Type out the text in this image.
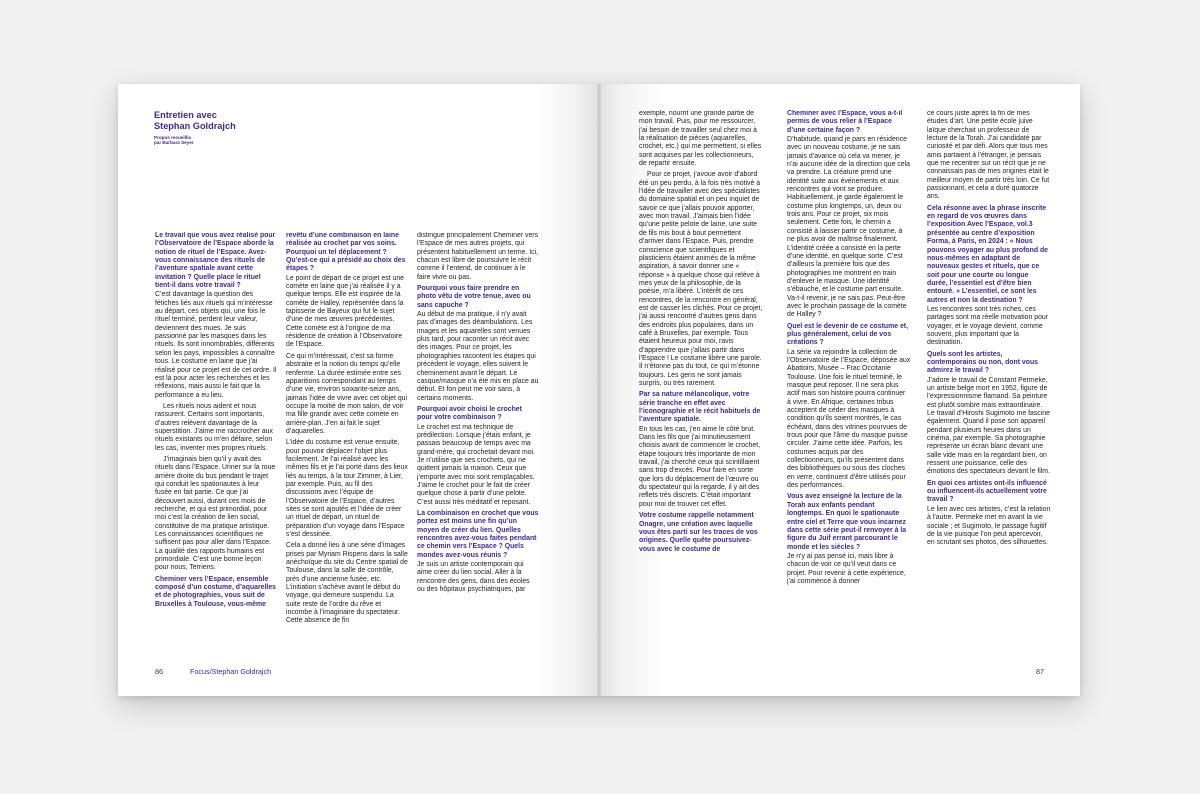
Entretien avec
Stephan Goldrajch
Propos recueillis
par Barbara Seyer

Le travail que vous avez réalisé pour l’Observatoire de l’Espace aborde la notion de rituel de l’Espace. Avez-vous connaissance des rituels de l’aventure spatiale avant cette invitation ? Quelle place le rituel tient-il dans votre travail ?

C’est davantage la question des fétiches liés aux rituels qui m’intéresse au départ, ces objets qui, une fois le rituel terminé, perdent leur valeur, deviennent des mues. Je suis passionné par les masques dans les rituels. Ils sont innombrables, différents selon les pays, impossibles à connaître tous. Le costume en laine que j’ai réalisé pour ce projet est de cet ordre. Il est là pour acter les recherches et les réflexions, mais aussi le fait que la performance a eu lieu.

Les rituels nous aident et nous rassurent. Certains sont importants, d’autres relèvent davantage de la superstition. J’aime me raccrocher aux rituels existants ou m’en défaire, selon les cas, inventer mes propres rituels.

J’imaginais bien qu’il y avait des rituels dans l’Espace. Uriner sur la roue arrière droite du bus pendant le trajet qui conduit les spationautes à leur fusée en fait partie. Ce que j’ai découvert aussi, durant ces mois de recherche, et qui est primordial, pour moi c’est la création de lien social, constitutive de ma pratique artistique. Les connaissances scientifiques ne suffisent pas pour aller dans l’Espace. La qualité des rapports humains est primordiale. C’est une bonne leçon pour nous, Terriens.

Cheminer vers l’Espace, ensemble composé d’un costume, d’aquarelles et de photographies, vous suit de Bruxelles à Toulouse, vous-même

revêtu d’une combinaison en laine réalisée au crochet par vos soins. Pourquoi un tel déplacement ? Qu’est-ce qui a présidé au choix des étapes ?

Le point de départ de ce projet est une comète en laine que j’ai réalisée il y a quelque temps. Elle est inspirée de la comète de Halley, représentée dans la tapisserie de Bayeux qui fut le sujet d’une de mes œuvres précédentes. Cette comète est à l’origine de ma résidence de création à l’Observatoire de l’Espace.

Ce qui m’intéressait, c’est sa forme abstraite et la notion du temps qu’elle renferme. La durée estimée entre ses apparitions correspondant au temps d’une vie, environ soixante-seize ans, jaimais l’idée de vivre avec cet objet qui occupe la moitié de mon salon, de voir ma fille grandir avec cette comète en arrière-plan. J’en ai fait le sujet d’aquarelles.

L’idée du costume est venue ensuite, pour pouvoir déplacer l’objet plus facilement. Je l’ai réalisé avec les mêmes fils et je l’ai porté dans des lieux liés au temps, à la tour Zimmer, à Lier, par exemple. Puis, au fil des discussions avec l’équipe de l’Observatoire de l’Espace, d’autres sites se sont ajoutés et l’idée de créer un rituel de départ, un rituel de préparation d’un voyage dans l’Espace s’est dessinée.

Cela a donné lieu à une série d’images prises par Myriam Rispens dans la salle anéchoïque du site du Centre spatial de Toulouse, dans la salle de contrôle, près d’une ancienne fusée, etc. L’initiation s’achève avant le début du voyage, qui demeure suspendu. La suite reste de l’ordre du rêve et incombe à l’imaginaire du spectateur. Cette absence de fin

distingue principalement Cheminer vers l’Espace de mes autres projets, qui présentent habituellement un terme. Ici, chacun est libre de poursuivre le récit comme il l’entend, de continuer à le faire vivre ou pas.

Pourquoi vous faire prendre en photo vêtu de votre tenue, avec ou sans capuche ?

Au début de ma pratique, il n’y avait pas d’images des déambulations. Les images et les aquarelles sont venues plus tard, pour raconter un récit avec des images. Pour ce projet, les photographies racontent les étapes qui précèdent le voyage, elles suivent le cheminement avant le départ. Le casque/masque n’a été mis en place au début. Et fon peut me voir sans, à certains moments.

Pourquoi avoir choisi le crochet pour votre combinaison ?

Le crochet est ma technique de prédilection. Lorsque j’étais enfant, je passais beaucoup de temps avec ma grand-mère, qui crochetait devant moi. Je n’utilise que ses crochets, qui ne quittent jamais la maison. Ceux que j’emporte avec moi sont remplaçables. J’aime le crochet pour le fait de créer quelque chose à partir d’une pelote. C’est aussi très méditatif et reposant.

La combinaison en crochet que vous portez est moins une fin qu’un moyen de créer du lien. Quelles rencontres avez-vous faites pendant ce chemin vers l’Espace ? Quels mondes avez-vous réunis ?

Je suis un artiste contemporain qui aime créer du lien social. Aller à la rencontre des gens, dans des écoles ou des hôpitaux psychiatriques, par

86	Focus/Stephan Goldrajch

exemple, nourrit une grande partie de mon travail. Puis, pour me ressourcer, j’ai besoin de travailler seul chez moi à la réalisation de pièces (aquarelles, crochet, etc.) qui me permettent, si elles sont acquises par les collectionneurs, de repartir ensuite.

Pour ce projet, j’avoue avoir d’abord été un peu perdu, à la fois très motivé à l’idée de travailler avec des spécialistes du domaine spatial et un peu inquiet de savoir ce que j’allais pouvoir apporter, avec mon travail. J’aimais bien l’idée qu’une petite pelote de laine, une suite de fils mis bout à bout permettent d’arriver dans l’Espace. Puis, prendre conscience que scientifiques et plasticiens étaient animés de la même aspiration, à savoir donner une « réponse » à quelque chose qui relève à mes yeux de la philosophie, de la poésie, m’a libéré. L’intérêt de ces rencontres, de la rencontre en général, est de casser les clichés. Pour ce projet, j’ai aussi rencontré d’autres gens dans des endroits plus populaires, dans un café à Bruxelles, par exemple. Tous étaient heureux pour moi, ravis d’apprendre que j’allais partir dans l’Espace ! Le costume libère une parole. Il n’étonne pas du tout, ce qui m’étonne toujours. Les gens ne sont jamais surpris, ou très rarement.

Par sa nature mélancolique, votre série tranche en effet avec l’iconographie et le récit habituels de l’aventure spatiale.

En tous les cas, j’en aime le côté brut. Dans les fils que j’ai minutieusement choisis avant de commencer le crochet, étape toujours très importante de mon travail, j’ai cherché ceux qui scintillaient sans trop d’excès. Pour faire en sorte que lors du déplacement de l’œuvre ou du spectateur qui la regarde, il y ait des reflets très discrets. C’était important pour moi de trouver cet effet.

Votre costume rappelle notamment Onagre, une création avec laquelle vous êtes parti sur les traces de vos origines. Quelle quête poursuivez-vous avec le costume de

Cheminer avec l’Espace, vous a-t-il permis de vous relier à l’Espace d’une certaine façon ?

D’habitude, quand je pars en résidence avec un nouveau costume, je ne sais jamais d’avance où cela va mener, je n’ai aucune idée de la direction que cela va prendre. La créature prend une identité suite aux événements et aux rencontres qui vont se produire. Habituellement, je garde également le costume plus longtemps, un, deux ou trois ans. Pour ce projet, six mois seulement. Cette fois, le chemin a consisté à laisser partir ce costume, à ne plus avoir de maîtrise finalement. L’identité créée a consisté en la perte d’une identité, en quelque sorte. C’est d’ailleurs la première fois que des photographies me montrent en train d’enlever le masque. Une identité s’ébauche, et le costume part ensuite. Va-t-il revenir, je ne sais pas. Peut-être avec le prochain passage de la comète de Halley ?

Quel est le devenir de ce costume et, plus généralement, celui de vos créations ?

La série va rejoindre la collection de l’Observatoire de l’Espace, déposée aux Abattoirs, Musée – Frac Occitanie Toulouse. Une fois le rituel terminé, le masque peut reposer. Il ne sera plus actif mais son histoire pourra continuer à vivre. En Afrique, certaines tribus acceptent de céder des masques à condition qu’ils soient montrés, le cas échéant, dans des vitrines pourvues de trous pour que l’âme du masque puisse circuler. J’aime cette idée. Parfois, les costumes acquis par des collectionneurs, qu’ils présentent dans des bibliothèques ou sous des cloches en verre, continuent d’être utilisés pour des performances.

Vous avez enseigné la lecture de la Torah aux enfants pendant longtemps. En quoi le spationaute entre ciel et Terre que vous incarnez dans cette série peut-il renvoyer à la figure du Juif errant parcourant le monde et les siècles ?

Je n’y ai pas pensé ici, mais libre à chacun de voir ce qu’il veut dans ce projet. Pour revenir à cette expérience, j’ai commencé à donner

ce cours juste après la fin de mes études d’art. Une petite école juive laïque cherchait un professeur de lecture de la Torah. J’ai candidaté par curiosité et par défi. Alors que tous mes amis partaient à l’étranger, je pensais que me recentrer sur un récit que je ne connaissais pas de mes origines était le meilleur moyen de partir très loin. Ce fut passionnant, et cela a duré quatorze ans.

Cela résonne avec la phrase inscrite en regard de vos œuvres dans l’exposition Avec l’Espace, vol.3 présentée au centre d’exposition Forma, à Paris, en 2024 : « Nous pouvons voyager au plus profond de nous-mêmes en adaptant de nouveaux gestes et rituels, que ce soit pour une courte ou longue durée, l’essentiel est d’être bien entouré. » L’essentiel, ce sont les autres et non la destination ?

Les rencontres sont très riches, ces partages sont ma réelle motivation pour voyager, et le voyage devient, comme souvent, plus important que la destination.

Quels sont les artistes, contemporains ou non, dont vous admirez le travail ?

J’adore le travail de Constant Permeke, un artiste belge mort en 1952, figure de l’expressionnisme flamand. Sa peinture est plutôt sombre mais extraordinaire. Le travail d’Hiroshi Sugimoto me fascine également. Quand il pose son appareil pendant plusieurs heures dans un cinéma, par exemple. Sa photographie représente un écran blanc devant une salle vide mais en la regardant bien, on ressent une puissance, celle des émotions des spectateurs devant le film.

En quoi ces artistes ont-ils influencé ou influencent-ils actuellement votre travail ?

Le lien avec ces artistes, c’est la relation à l’autre. Permeke met en avant la vie sociale ; et Sugimoto, le passage fugitif de la vie puisque l’on peut apercevoir, en scrutant ses photos, des silhouettes.

87
